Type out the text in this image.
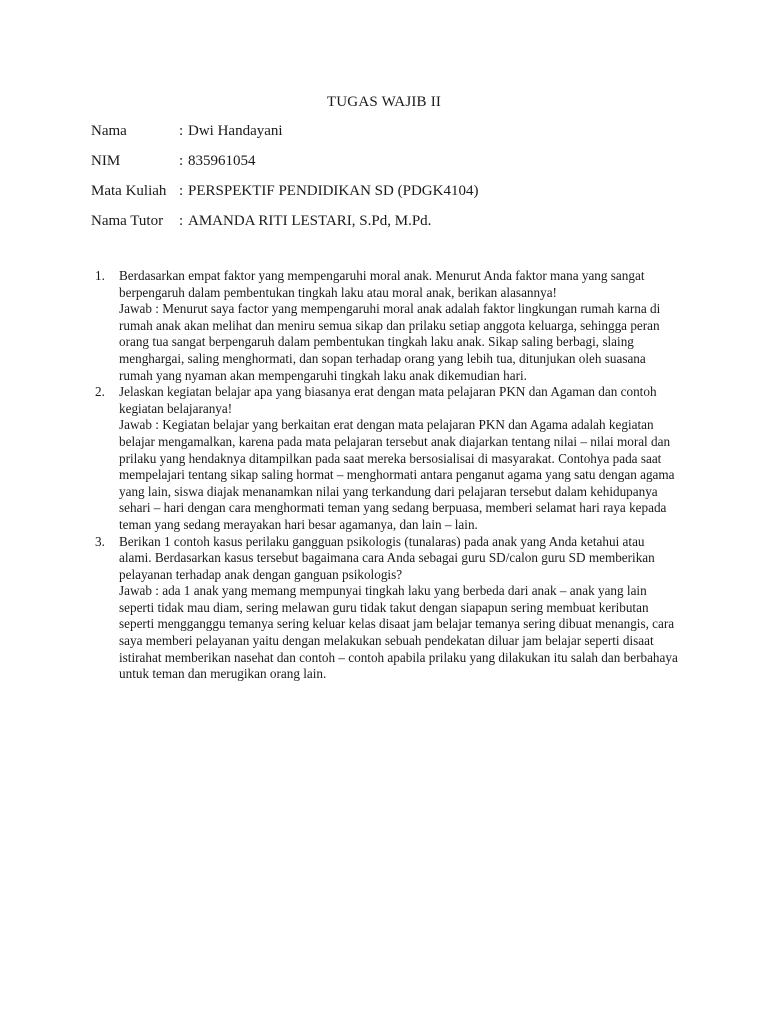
TUGAS WAJIB II
Nama	: Dwi Handayani
NIM	: 835961054
Mata Kuliah : PERSPEKTIF PENDIDIKAN SD (PDGK4104)
Nama Tutor	: AMANDA RITI LESTARI, S.Pd, M.Pd.
1.	Berdasarkan empat faktor yang mempengaruhi moral anak. Menurut Anda faktor mana yang sangat berpengaruh dalam pembentukan tingkah laku atau moral anak, berikan alasannya!

Jawab : Menurut saya factor yang mempengaruhi moral anak adalah faktor lingkungan rumah karna di rumah anak akan melihat dan meniru semua sikap dan prilaku setiap anggota keluarga, sehingga peran orang tua sangat berpengaruh dalam pembentukan tingkah laku anak. Sikap saling berbagi, slaing menghargai, saling menghormati, dan sopan terhadap orang yang lebih tua, ditunjukan oleh suasana rumah yang nyaman akan mempengaruhi tingkah laku anak dikemudian hari.

2.	Jelaskan kegiatan belajar apa yang biasanya erat dengan mata pelajaran PKN dan Agaman dan contoh kegiatan belajaranya!

Jawab : Kegiatan belajar yang berkaitan erat dengan mata pelajaran PKN dan Agama adalah kegiatan belajar mengamalkan, karena pada mata pelajaran tersebut anak diajarkan tentang nilai – nilai moral dan prilaku yang hendaknya ditampilkan pada saat mereka bersosialisai di masyarakat. Contohya pada saat mempelajari tentang sikap saling hormat – menghormati antara penganut agama yang satu dengan agama yang lain, siswa diajak menanamkan nilai yang terkandung dari pelajaran tersebut dalam kehidupanya sehari – hari dengan cara menghormati teman yang sedang berpuasa, memberi selamat hari raya kepada teman yang sedang merayakan hari besar agamanya, dan lain – lain.

3.	Berikan 1 contoh kasus perilaku gangguan psikologis (tunalaras) pada anak yang Anda ketahui atau alami. Berdasarkan kasus tersebut bagaimana cara Anda sebagai guru SD/calon guru SD memberikan pelayanan terhadap anak dengan ganguan psikologis?

Jawab : ada 1 anak yang memang mempunyai tingkah laku yang berbeda dari anak – anak yang lain seperti tidak mau diam, sering melawan guru tidak takut dengan siapapun sering membuat keributan seperti mengganggu temanya sering keluar kelas disaat jam belajar temanya sering dibuat menangis, cara saya memberi pelayanan yaitu dengan melakukan sebuah pendekatan diluar jam belajar seperti disaat istirahat memberikan nasehat dan contoh – contoh apabila prilaku yang dilakukan itu salah dan berbahaya untuk teman dan merugikan orang lain.
